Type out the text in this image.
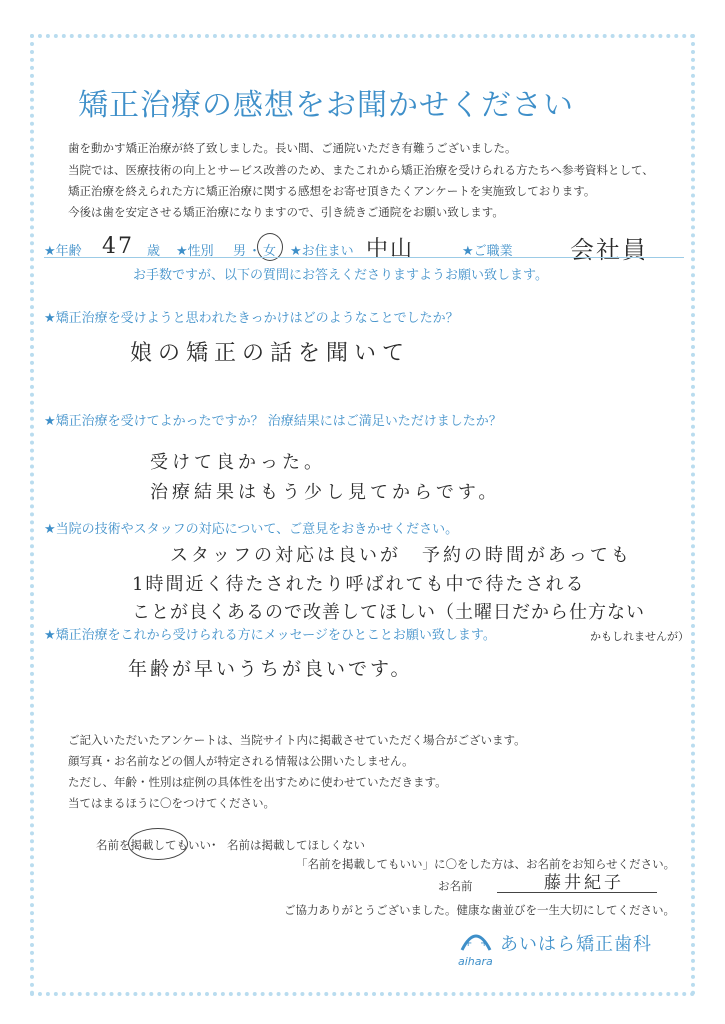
矯正治療の感想をお聞かせください
歯を動かす矯正治療が終了致しました。長い間、ご通院いただき有難うございました。
当院では、医療技術の向上とサービス改善のため、またこれから矯正治療を受けられる方たちへ参考資料として、
矯正治療を終えられた方に矯正治療に関する感想をお寄せ頂きたくアンケートを実施致しております。
今後は歯を安定させる矯正治療になりますので、引き続きご通院をお願い致します。
★年齢 47 歳 ★性別 男 ・ 女 ★お住まい 中山	★ご職業 会社員
お手数ですが、以下の質問にお答えくださりますようお願い致します。
★矯正治療を受けようと思われたきっかけはどのようなことでしたか？
娘の矯正の話を聞いて
★矯正治療を受けてよかったですか？ 治療結果にはご満足いただけましたか？
受けて良かった。
治療結果はもう少し見てからです。
★当院の技術やスタッフの対応について、ご意見をおきかせください。
スタッフの対応は良いが　予約の時間があっても
1時間近く待たされたり呼ばれても中で待たされる
ことが良くあるので改善してほしい（土曜日だから仕方ない
かもしれませんが）
★矯正治療をこれから受けられる方にメッセージをひとことお願い致します。
年齢が早いうちが良いです。
ご記入いただいたアンケートは、当院サイト内に掲載させていただく場合がございます。
顔写真・お名前などの個人が特定される情報は公開いたしません。
ただし、年齢・性別は症例の具体性を出すために使わせていただきます。
当てはまるほうに〇をつけてください。
名前を掲載してもいい
・ 名前は掲載してほしくない
「名前を掲載してもいい」に〇をした方は、お名前をお知らせください。
お名前	藤井紀子
ご協力ありがとうございました。健康な歯並びを一生大切にしてください。
+ + あいはら矯正歯科
aihara
